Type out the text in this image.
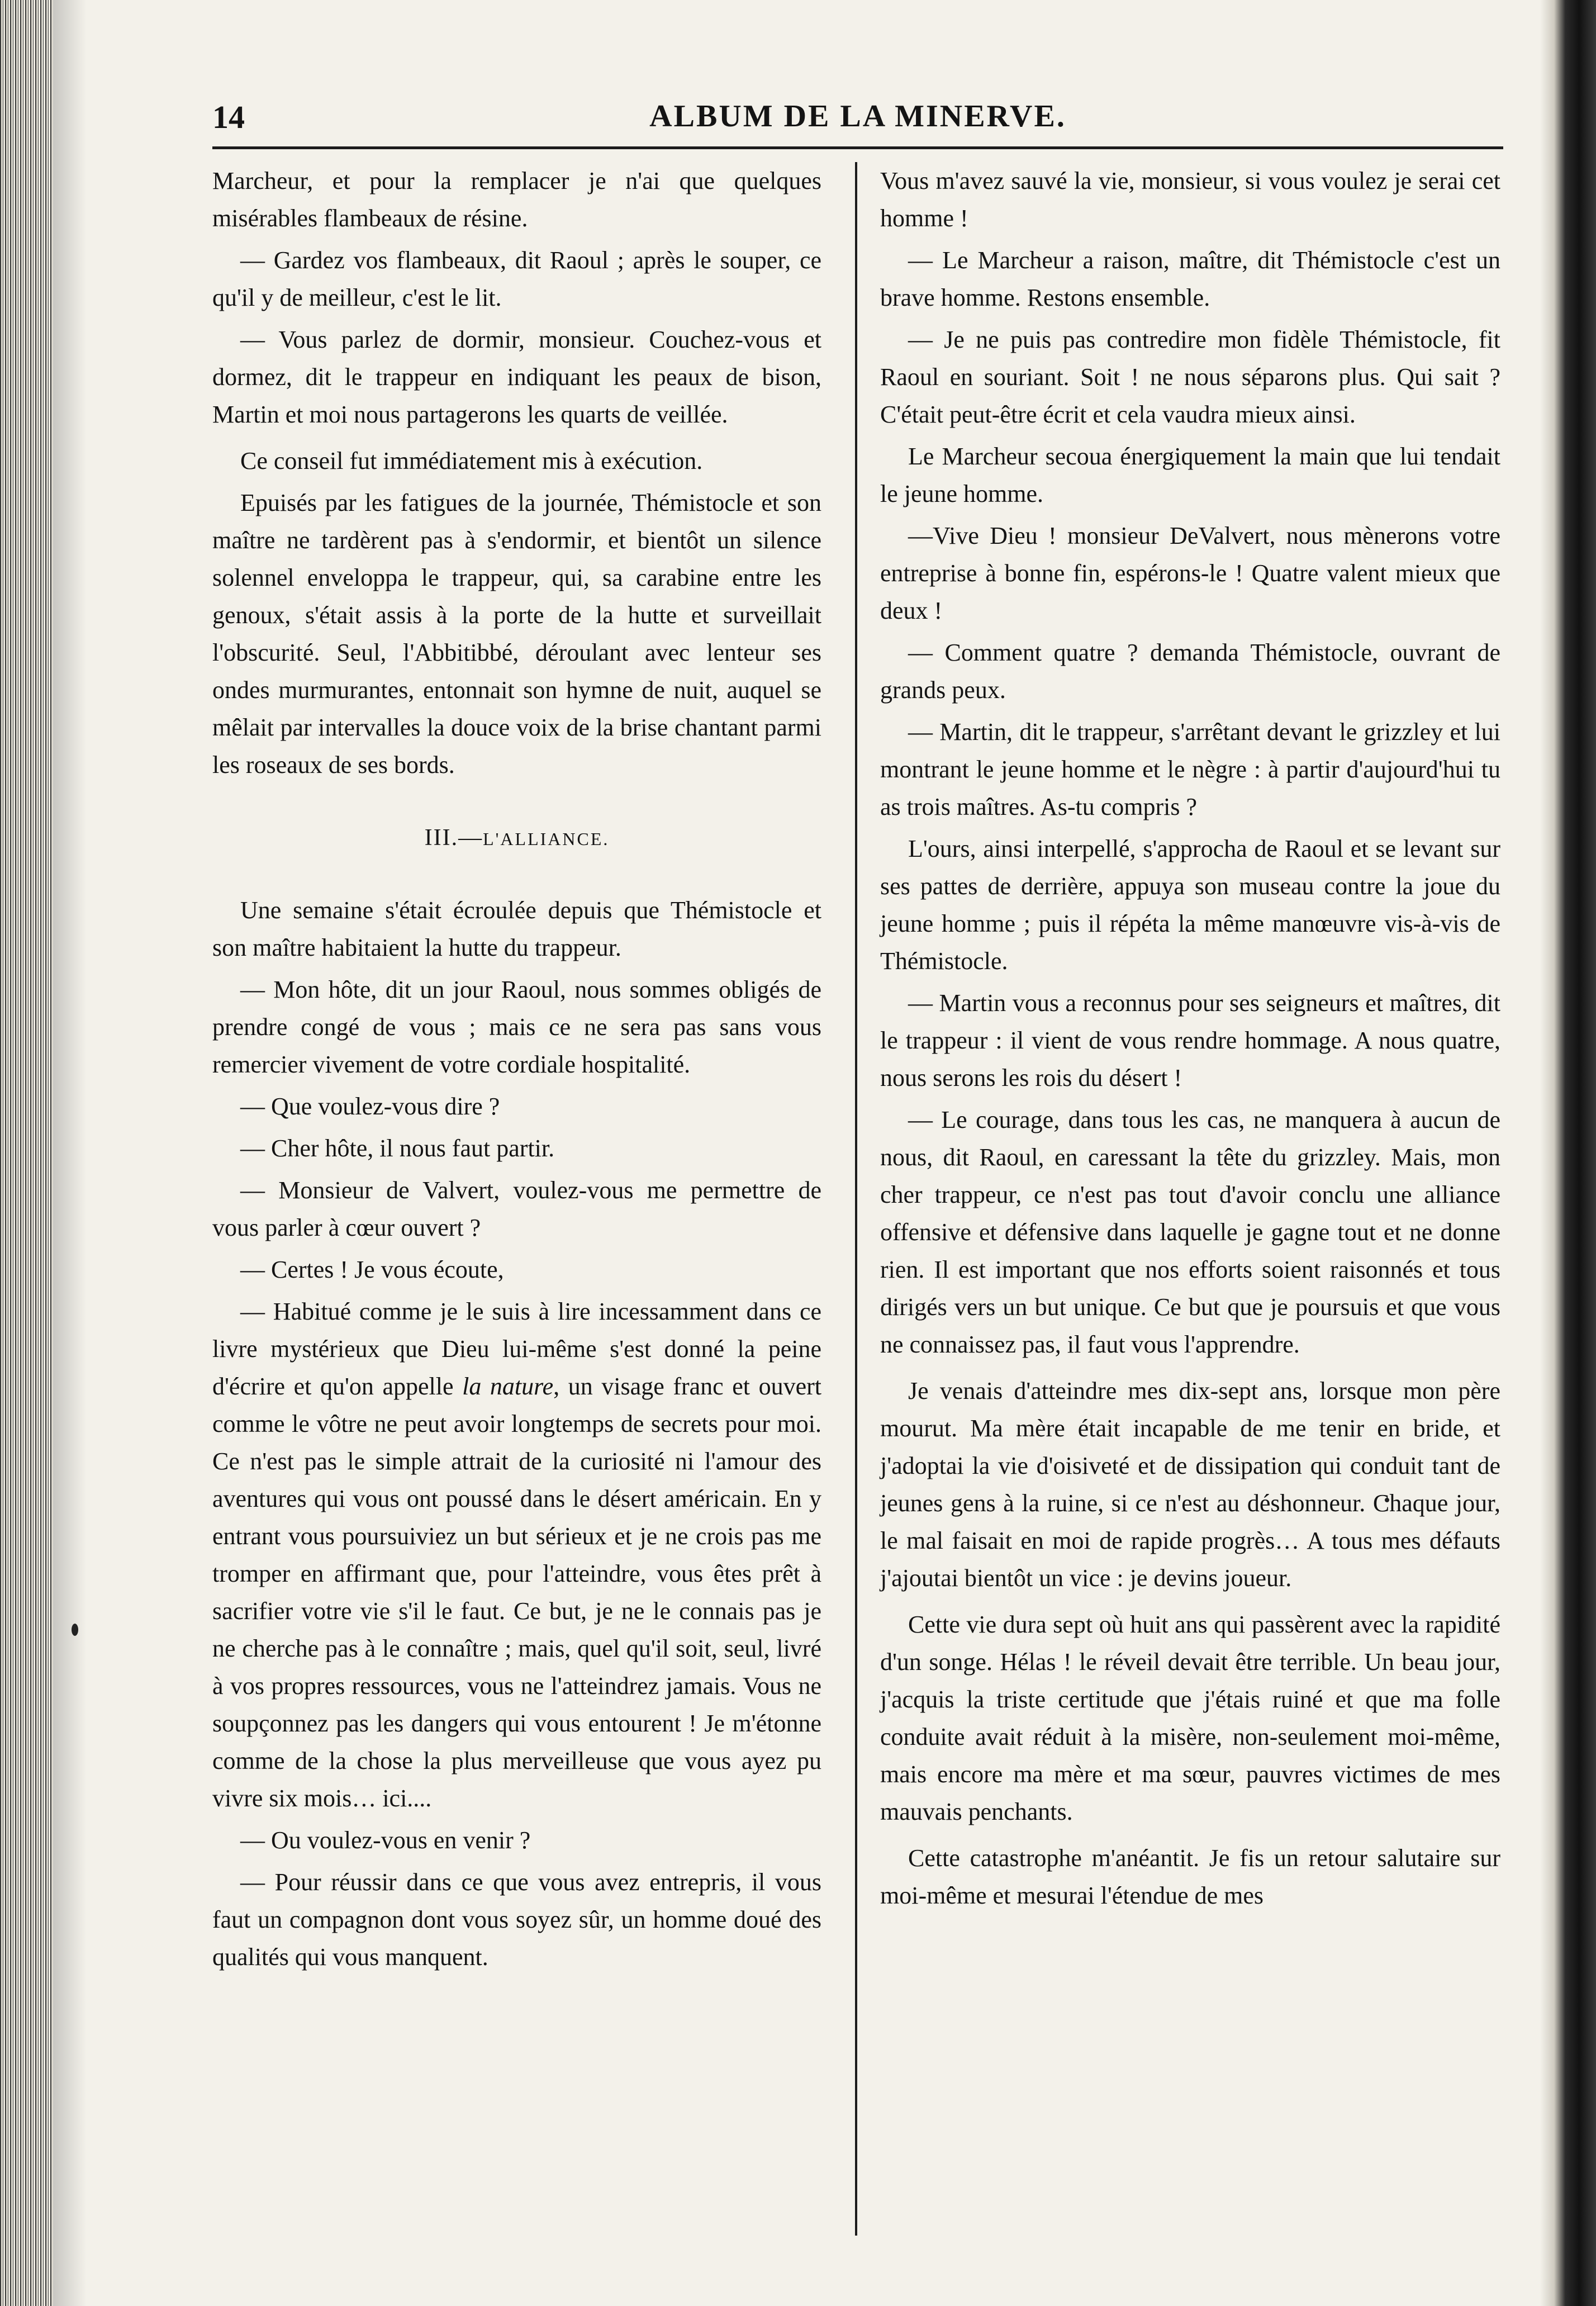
14	ALBUM DE LA MINERVE.

Marcheur, et pour la remplacer je n'ai que quelques misérables flambeaux de résine.

— Gardez vos flambeaux, dit Raoul ; après le souper, ce qu'il y de meilleur, c'est le lit.

— Vous parlez de dormir, monsieur. Couchez-vous et dormez, dit le trappeur en indiquant les peaux de bison, Martin et moi nous partagerons les quarts de veillée.

Ce conseil fut immédiatement mis à exécution.

Epuisés par les fatigues de la journée, Thémistocle et son maître ne tardèrent pas à s'endormir, et bientôt un silence solennel enveloppa le trappeur, qui, sa carabine entre les genoux, s'était assis à la porte de la hutte et surveillait l'obscurité. Seul, l'Abbitibbé, déroulant avec lenteur ses ondes murmurantes, entonnait son hymne de nuit, auquel se mêlait par intervalles la douce voix de la brise chantant parmi les roseaux de ses bords.

III.—L'ALLIANCE.

Une semaine s'était écroulée depuis que Thémistocle et son maître habitaient la hutte du trappeur.

— Mon hôte, dit un jour Raoul, nous sommes obligés de prendre congé de vous ; mais ce ne sera pas sans vous remercier vivement de votre cordiale hospitalité.

— Que voulez-vous dire ?

— Cher hôte, il nous faut partir.

— Monsieur de Valvert, voulez-vous me permettre de vous parler à cœur ouvert ?

— Certes ! Je vous écoute,

— Habitué comme je le suis à lire incessamment dans ce livre mystérieux que Dieu lui-même s'est donné la peine d'écrire et qu'on appelle la nature, un visage franc et ouvert comme le vôtre ne peut avoir longtemps de secrets pour moi. Ce n'est pas le simple attrait de la curiosité ni l'amour des aventures qui vous ont poussé dans le désert américain. En y entrant vous poursuiviez un but sérieux et je ne crois pas me tromper en affirmant que, pour l'atteindre, vous êtes prêt à sacrifier votre vie s'il le faut. Ce but, je ne le connais pas je ne cherche pas à le connaître ; mais, quel qu'il soit, seul, livré à vos propres ressources, vous ne l'atteindrez jamais. Vous ne soupçonnez pas les dangers qui vous entourent ! Je m'étonne comme de la chose la plus merveilleuse que vous ayez pu vivre six mois… ici....

— Ou voulez-vous en venir ?

— Pour réussir dans ce que vous avez entrepris, il vous faut un compagnon dont vous soyez sûr, un homme doué des qualités qui vous manquent.

Vous m'avez sauvé la vie, monsieur, si vous voulez je serai cet homme !

— Le Marcheur a raison, maître, dit Thémistocle c'est un brave homme. Restons ensemble.

— Je ne puis pas contredire mon fidèle Thémistocle, fit Raoul en souriant. Soit ! ne nous séparons plus. Qui sait ? C'était peut-être écrit et cela vaudra mieux ainsi.

Le Marcheur secoua énergiquement la main que lui tendait le jeune homme.

—Vive Dieu ! monsieur DeValvert, nous mènerons votre entreprise à bonne fin, espérons-le ! Quatre valent mieux que deux !

— Comment quatre ? demanda Thémistocle, ouvrant de grands peux.

— Martin, dit le trappeur, s'arrêtant devant le grizzley et lui montrant le jeune homme et le nègre : à partir d'aujourd'hui tu as trois maîtres. As-tu compris ?

L'ours, ainsi interpellé, s'approcha de Raoul et se levant sur ses pattes de derrière, appuya son museau contre la joue du jeune homme ; puis il répéta la même manœuvre vis-à-vis de Thémistocle.

— Martin vous a reconnus pour ses seigneurs et maîtres, dit le trappeur : il vient de vous rendre hommage. A nous quatre, nous serons les rois du désert !

— Le courage, dans tous les cas, ne manquera à aucun de nous, dit Raoul, en caressant la tête du grizzley. Mais, mon cher trappeur, ce n'est pas tout d'avoir conclu une alliance offensive et défensive dans laquelle je gagne tout et ne donne rien. Il est important que nos efforts soient raisonnés et tous dirigés vers un but unique. Ce but que je poursuis et que vous ne connaissez pas, il faut vous l'apprendre.

Je venais d'atteindre mes dix-sept ans, lorsque mon père mourut. Ma mère était incapable de me tenir en bride, et j'adoptai la vie d'oisiveté et de dissipation qui conduit tant de jeunes gens à la ruine, si ce n'est au déshonneur. Chaque jour, le mal faisait en moi de rapide progrès… A tous mes défauts j'ajoutai bientôt un vice : je devins joueur.

Cette vie dura sept où huit ans qui passèrent avec la rapidité d'un songe. Hélas ! le réveil devait être terrible. Un beau jour, j'acquis la triste certitude que j'étais ruiné et que ma folle conduite avait réduit à la misère, non-seulement moi-même, mais encore ma mère et ma sœur, pauvres victimes de mes mauvais penchants.

Cette catastrophe m'anéantit. Je fis un retour salutaire sur moi-même et mesurai l'étendue de mes
